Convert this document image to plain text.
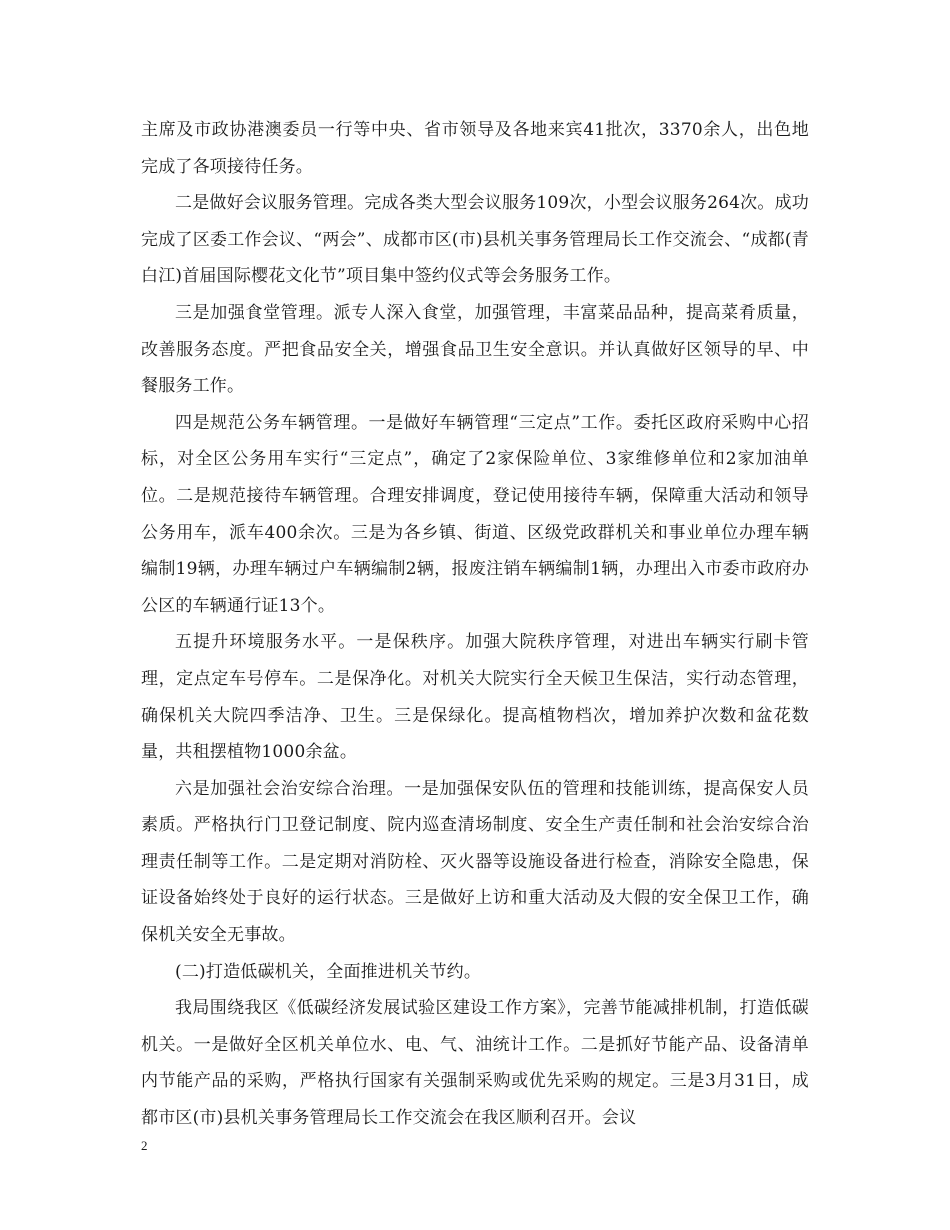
主席及市政协港澳委员一行等中央、省市领导及各地来宾41批次，3370余人，出色地完成了各项接待任务。

二是做好会议服务管理。完成各类大型会议服务109次，小型会议服务264次。成功完成了区委工作会议、“两会”、成都市区(市)县机关事务管理局长工作交流会、“成都(青白江)首届国际樱花文化节”项目集中签约仪式等会务服务工作。

三是加强食堂管理。派专人深入食堂，加强管理，丰富菜品品种，提高菜肴质量，改善服务态度。严把食品安全关，增强食品卫生安全意识。并认真做好区领导的早、中餐服务工作。

四是规范公务车辆管理。一是做好车辆管理“三定点”工作。委托区政府采购中心招标，对全区公务用车实行“三定点”，确定了2家保险单位、3家维修单位和2家加油单位。二是规范接待车辆管理。合理安排调度，登记使用接待车辆，保障重大活动和领导公务用车，派车400余次。三是为各乡镇、街道、区级党政群机关和事业单位办理车辆编制19辆，办理车辆过户车辆编制2辆，报废注销车辆编制1辆，办理出入市委市政府办公区的车辆通行证13个。

五提升环境服务水平。一是保秩序。加强大院秩序管理，对进出车辆实行刷卡管理，定点定车号停车。二是保净化。对机关大院实行全天候卫生保洁，实行动态管理，确保机关大院四季洁净、卫生。三是保绿化。提高植物档次，增加养护次数和盆花数量，共租摆植物1000余盆。

六是加强社会治安综合治理。一是加强保安队伍的管理和技能训练，提高保安人员素质。严格执行门卫登记制度、院内巡查清场制度、安全生产责任制和社会治安综合治理责任制等工作。二是定期对消防栓、灭火器等设施设备进行检查，消除安全隐患，保证设备始终处于良好的运行状态。三是做好上访和重大活动及大假的安全保卫工作，确保机关安全无事故。

(二)打造低碳机关，全面推进机关节约。

我局围绕我区《低碳经济发展试验区建设工作方案》，完善节能减排机制，打造低碳机关。一是做好全区机关单位水、电、气、油统计工作。二是抓好节能产品、设备清单内节能产品的采购，严格执行国家有关强制采购或优先采购的规定。三是3月31日，成都市区(市)县机关事务管理局长工作交流会在我区顺利召开。会议

2
